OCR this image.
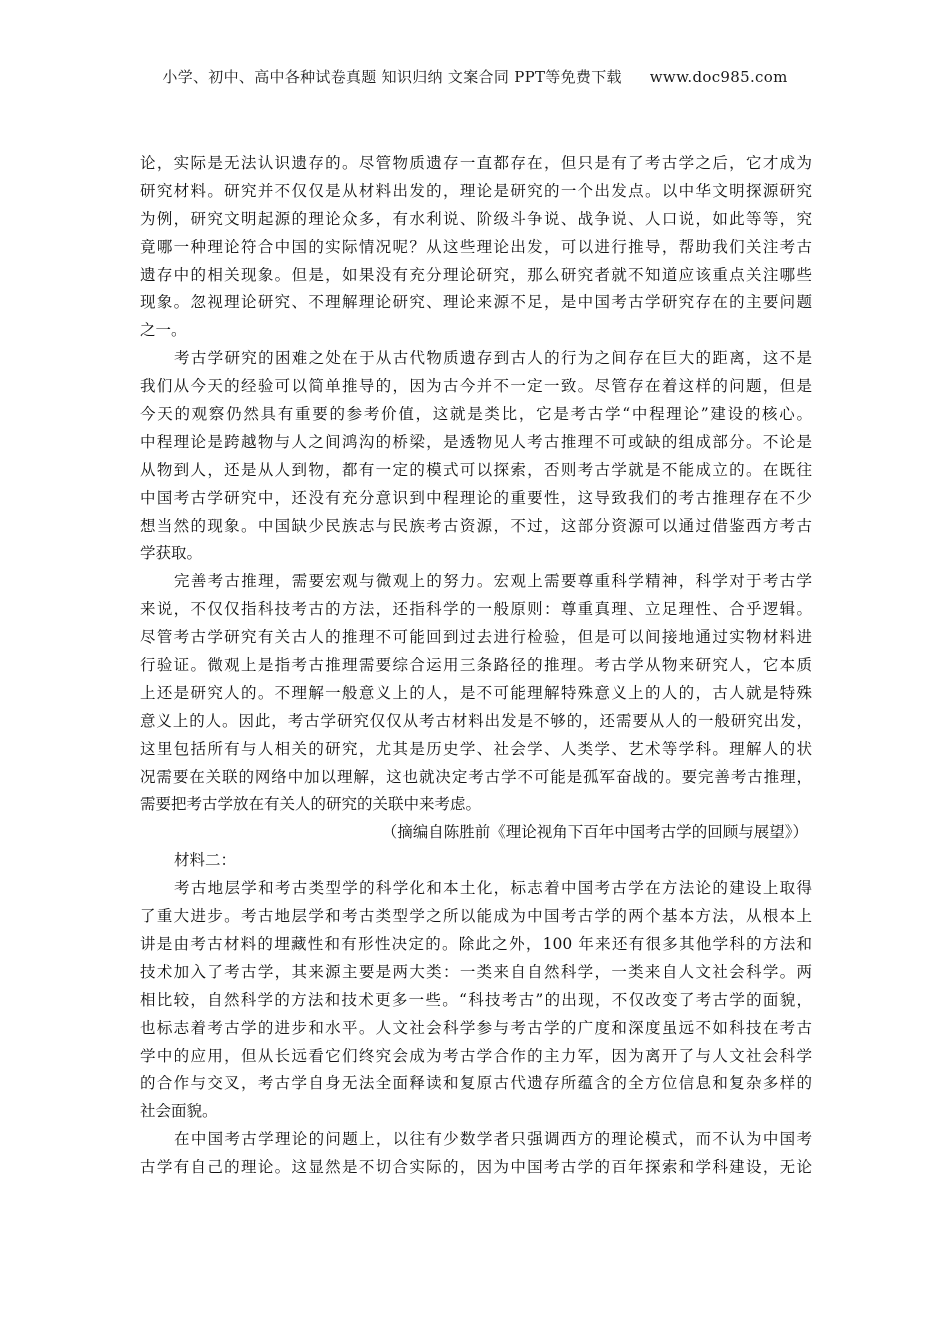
小学、初中、高中各种试卷真题 知识归纳 文案合同 PPT等免费下载 www.doc985.com
论，实际是无法认识遗存的。尽管物质遗存一直都存在，但只是有了考古学之后，它才成为
研究材料。研究并不仅仅是从材料出发的，理论是研究的一个出发点。以中华文明探源研究
为例，研究文明起源的理论众多，有水利说、阶级斗争说、战争说、人口说，如此等等，究
竟哪一种理论符合中国的实际情况呢？从这些理论出发，可以进行推导，帮助我们关注考古
遗存中的相关现象。但是，如果没有充分理论研究，那么研究者就不知道应该重点关注哪些
现象。忽视理论研究、不理解理论研究、理论来源不足，是中国考古学研究存在的主要问题
之一。
考古学研究的困难之处在于从古代物质遗存到古人的行为之间存在巨大的距离，这不是
我们从今天的经验可以简单推导的，因为古今并不一定一致。尽管存在着这样的问题，但是
今天的观察仍然具有重要的参考价值，这就是类比，它是考古学“中程理论”建设的核心。
中程理论是跨越物与人之间鸿沟的桥梁，是透物见人考古推理不可或缺的组成部分。不论是
从物到人，还是从人到物，都有一定的模式可以探索，否则考古学就是不能成立的。在既往
中国考古学研究中，还没有充分意识到中程理论的重要性，这导致我们的考古推理存在不少
想当然的现象。中国缺少民族志与民族考古资源，不过，这部分资源可以通过借鉴西方考古
学获取。
完善考古推理，需要宏观与微观上的努力。宏观上需要尊重科学精神，科学对于考古学
来说，不仅仅指科技考古的方法，还指科学的一般原则：尊重真理、立足理性、合乎逻辑。
尽管考古学研究有关古人的推理不可能回到过去进行检验，但是可以间接地通过实物材料进
行验证。微观上是指考古推理需要综合运用三条路径的推理。考古学从物来研究人，它本质
上还是研究人的。不理解一般意义上的人，是不可能理解特殊意义上的人的，古人就是特殊
意义上的人。因此，考古学研究仅仅从考古材料出发是不够的，还需要从人的一般研究出发，
这里包括所有与人相关的研究，尤其是历史学、社会学、人类学、艺术等学科。理解人的状
况需要在关联的网络中加以理解，这也就决定考古学不可能是孤军奋战的。要完善考古推理，
需要把考古学放在有关人的研究的关联中来考虑。
（摘编自陈胜前《理论视角下百年中国考古学的回顾与展望》）
材料二：
考古地层学和考古类型学的科学化和本土化，标志着中国考古学在方法论的建设上取得
了重大进步。考古地层学和考古类型学之所以能成为中国考古学的两个基本方法，从根本上
讲是由考古材料的埋藏性和有形性决定的。除此之外，100 年来还有很多其他学科的方法和
技术加入了考古学，其来源主要是两大类：一类来自自然科学，一类来自人文社会科学。两
相比较，自然科学的方法和技术更多一些。“科技考古”的出现，不仅改变了考古学的面貌，
也标志着考古学的进步和水平。人文社会科学参与考古学的广度和深度虽远不如科技在考古
学中的应用，但从长远看它们终究会成为考古学合作的主力军，因为离开了与人文社会科学
的合作与交叉，考古学自身无法全面释读和复原古代遗存所蕴含的全方位信息和复杂多样的
社会面貌。
在中国考古学理论的问题上，以往有少数学者只强调西方的理论模式，而不认为中国考
古学有自己的理论。这显然是不切合实际的，因为中国考古学的百年探索和学科建设，无论
